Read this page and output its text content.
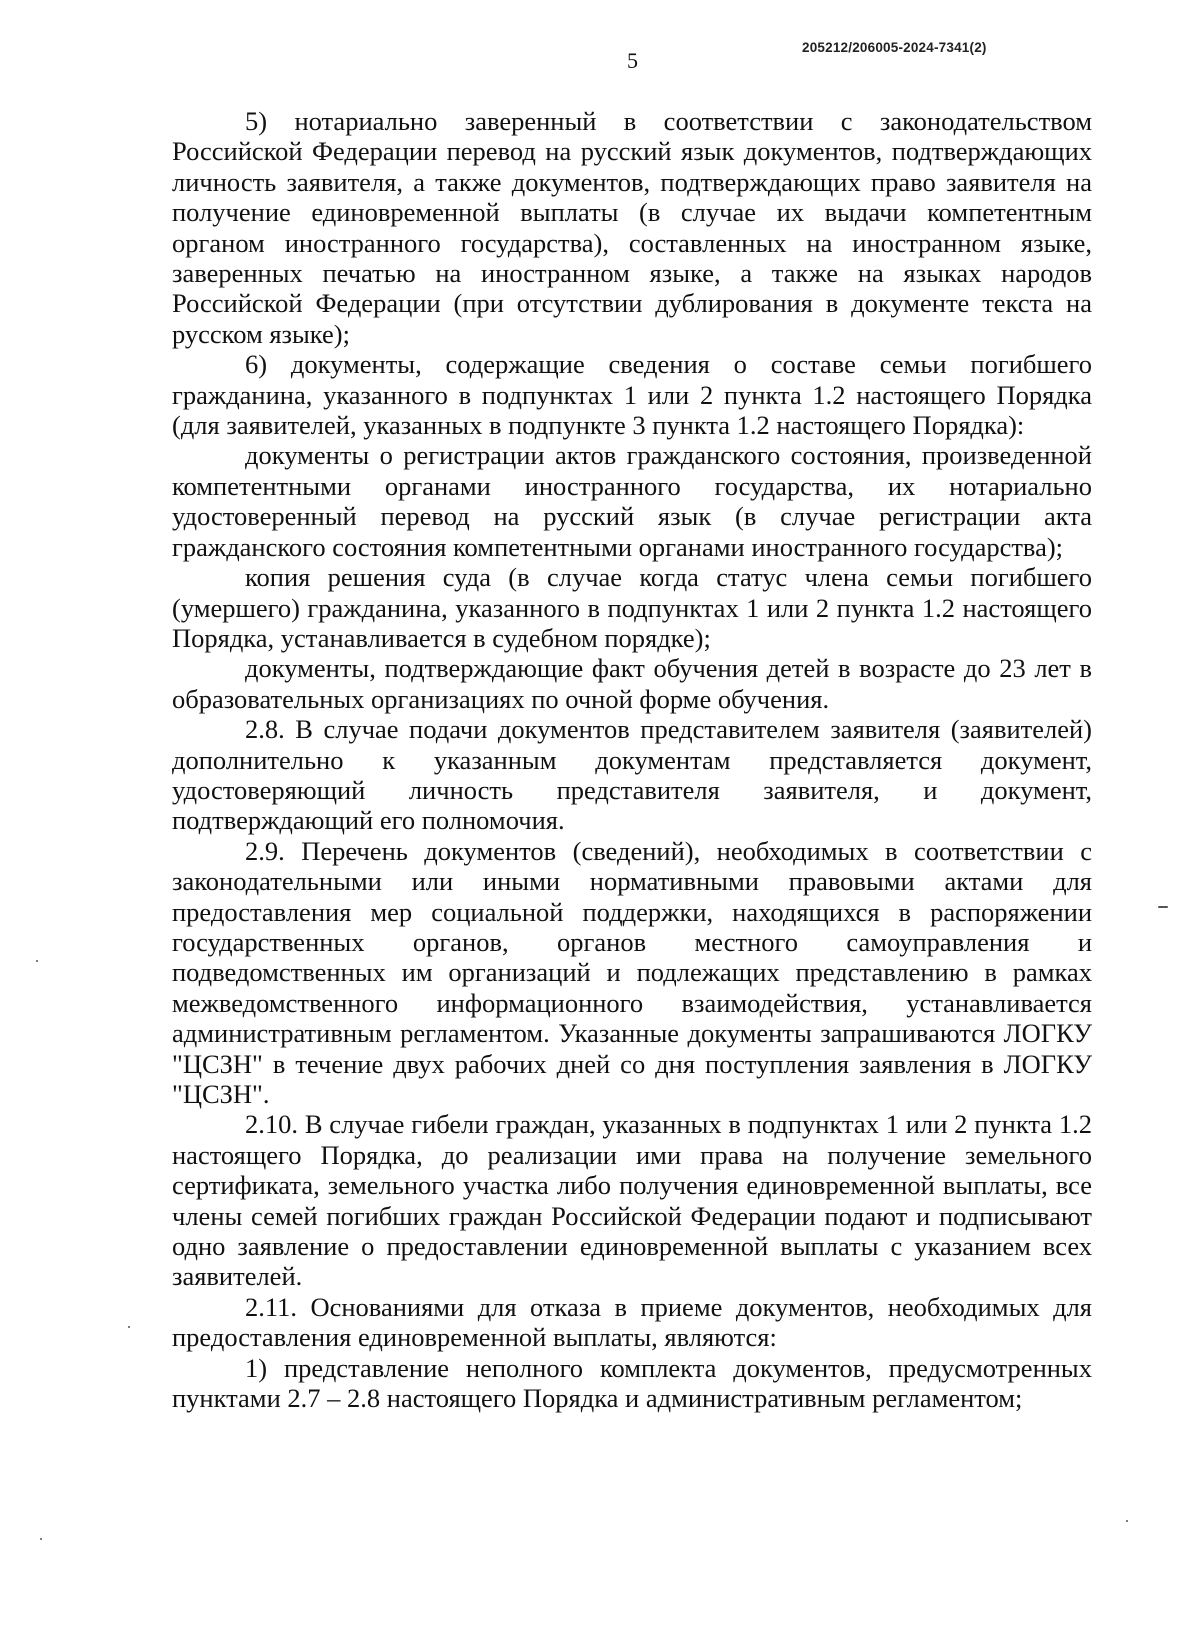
205212/206005-2024-7341(2)
5

5) нотариально заверенный в соответствии с законодательством Российской Федерации перевод на русский язык документов, подтверждающих личность заявителя, а также документов, подтверждающих право заявителя на получение единовременной выплаты (в случае их выдачи компетентным органом иностранного государства), составленных на иностранном языке, заверенных печатью на иностранном языке, а также на языках народов Российской Федерации (при отсутствии дублирования в документе текста на русском языке);

6) документы, содержащие сведения о составе семьи погибшего гражданина, указанного в подпунктах 1 или 2 пункта 1.2 настоящего Порядка (для заявителей, указанных в подпункте 3 пункта 1.2 настоящего Порядка):

документы о регистрации актов гражданского состояния, произведенной компетентными органами иностранного государства, их нотариально удостоверенный перевод на русский язык (в случае регистрации акта гражданского состояния компетентными органами иностранного государства);

копия решения суда (в случае когда статус члена семьи погибшего (умершего) гражданина, указанного в подпунктах 1 или 2 пункта 1.2 настоящего Порядка, устанавливается в судебном порядке);

документы, подтверждающие факт обучения детей в возрасте до 23 лет в образовательных организациях по очной форме обучения.

2.8. В случае подачи документов представителем заявителя (заявителей) дополнительно к указанным документам представляется документ, удостоверяющий личность представителя заявителя, и документ, подтверждающий его полномочия.

2.9. Перечень документов (сведений), необходимых в соответствии с законодательными или иными нормативными правовыми актами для предоставления мер социальной поддержки, находящихся в распоряжении государственных органов, органов местного самоуправления и подведомственных им организаций и подлежащих представлению в рамках межведомственного информационного взаимодействия, устанавливается административным регламентом. Указанные документы запрашиваются ЛОГКУ "ЦСЗН" в течение двух рабочих дней со дня поступления заявления в ЛОГКУ "ЦСЗН".

2.10. В случае гибели граждан, указанных в подпунктах 1 или 2 пункта 1.2 настоящего Порядка, до реализации ими права на получение земельного сертификата, земельного участка либо получения единовременной выплаты, все члены семей погибших граждан Российской Федерации подают и подписывают одно заявление о предоставлении единовременной выплаты с указанием всех заявителей.

2.11. Основаниями для отказа в приеме документов, необходимых для предоставления единовременной выплаты, являются:

1) представление неполного комплекта документов, предусмотренных пунктами 2.7 – 2.8 настоящего Порядка и административным регламентом;
